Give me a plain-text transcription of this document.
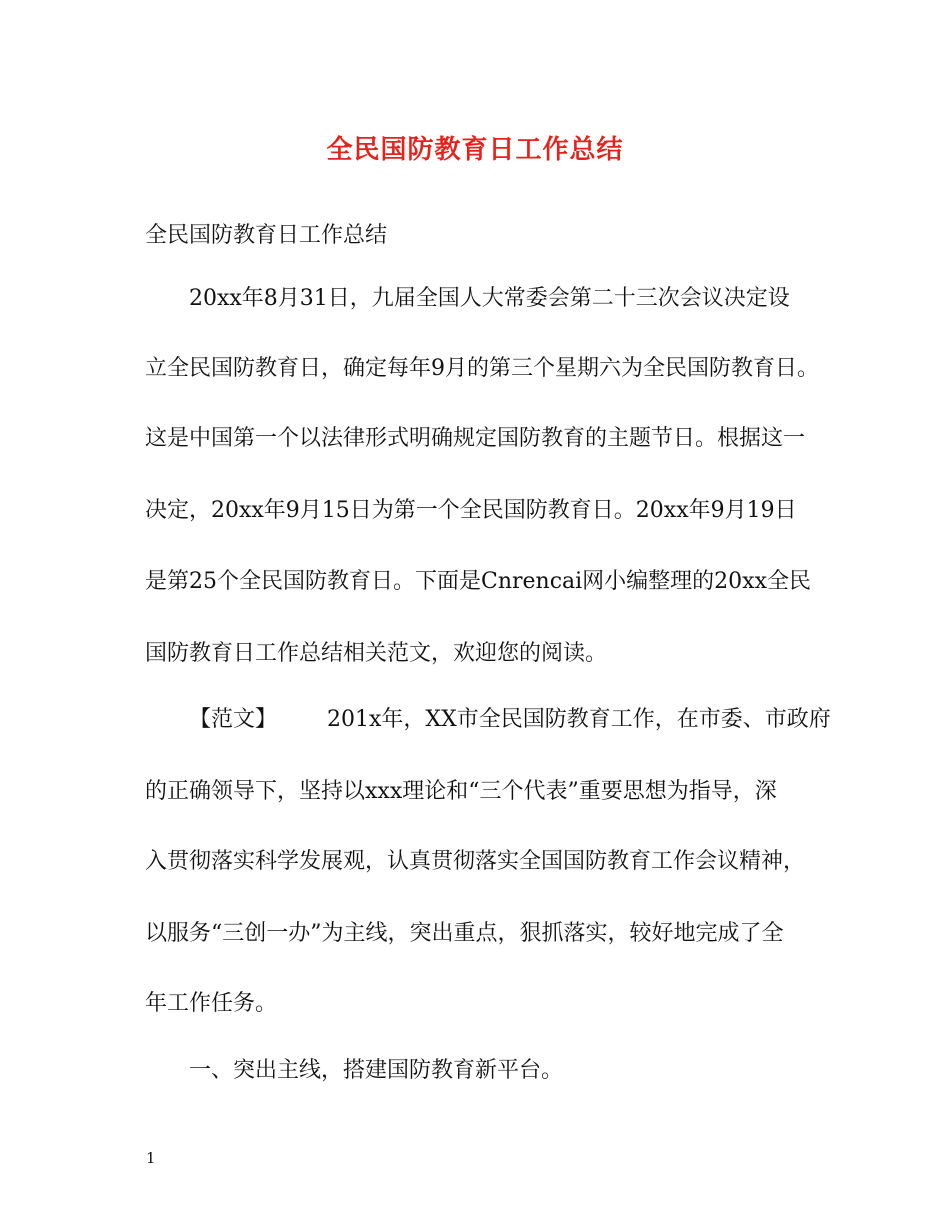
全民国防教育日工作总结
全民国防教育日工作总结
20xx年8月31日，九届全国人大常委会第二十三次会议决定设
立全民国防教育日，确定每年9月的第三个星期六为全民国防教育日。
这是中国第一个以法律形式明确规定国防教育的主题节日。根据这一
决定，20xx年9月15日为第一个全民国防教育日。20xx年9月19日
是第25个全民国防教育日。下面是Cnrencai网小编整理的20xx全民
国防教育日工作总结相关范文，欢迎您的阅读。
【范文】 201x年，XX市全民国防教育工作，在市委、市政府
的正确领导下，坚持以xxx理论和“三个代表”重要思想为指导，深
入贯彻落实科学发展观，认真贯彻落实全国国防教育工作会议精神，
以服务“三创一办”为主线，突出重点，狠抓落实，较好地完成了全
年工作任务。
一、突出主线，搭建国防教育新平台。
1
